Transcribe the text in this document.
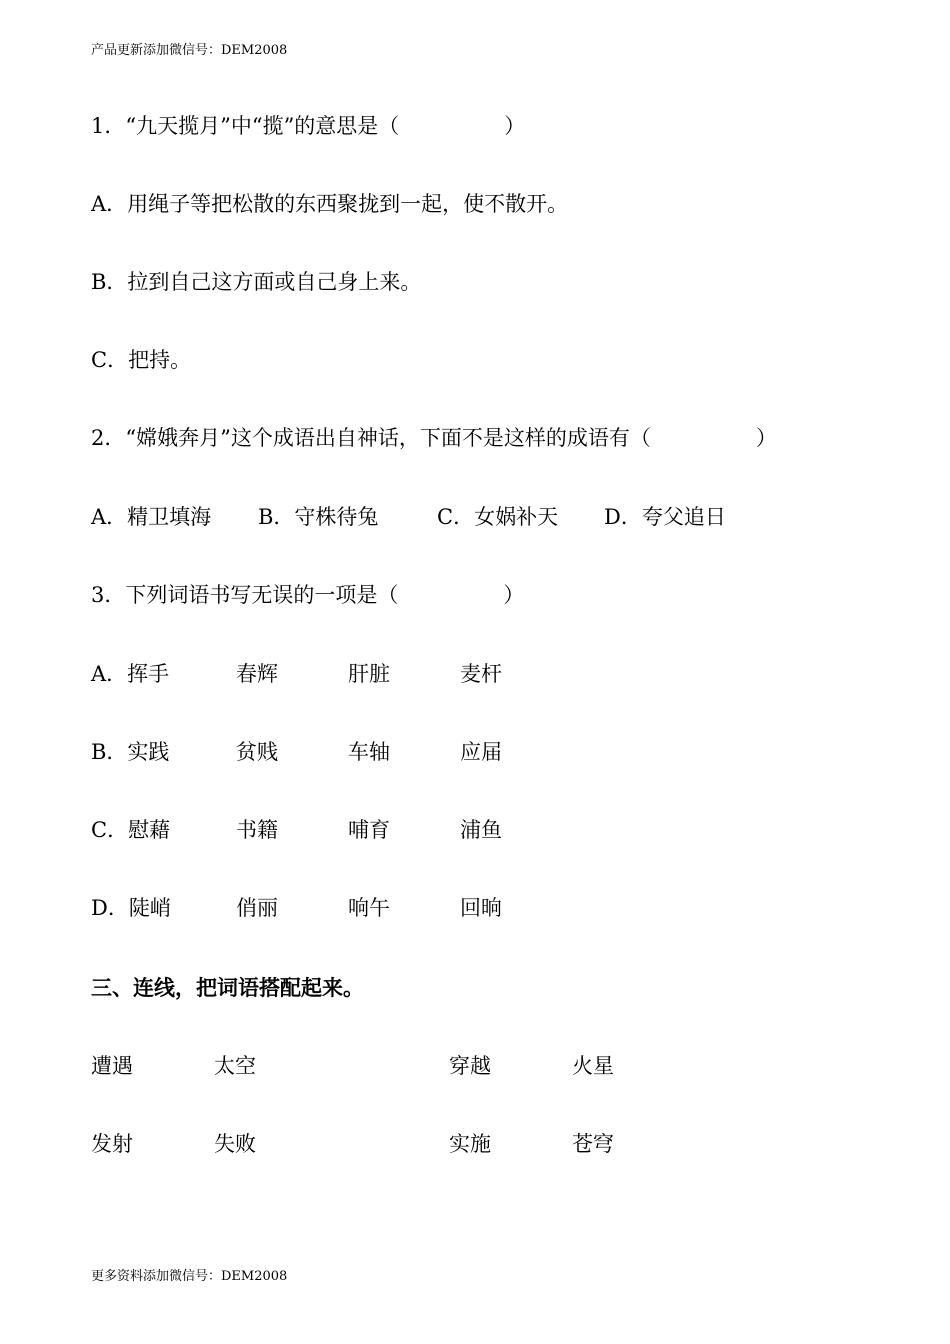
产品更新添加微信号：DEM2008
1．“九天揽月”中“揽”的意思是（　　　　　）
A．用绳子等把松散的东西聚拢到一起，使不散开。
B．拉到自己这方面或自己身上来。
C．把持。
2．“嫦娥奔月”这个成语出自神话，下面不是这样的成语有（　　　　　）
A．精卫填海 B．守株待兔	C．女娲补天 D．夸父追日
3．下列词语书写无误的一项是（　　　　　）
A．挥手	春辉	肝脏	麦杆
B．实践	贫贱	车轴	应届
C．慰藉	书籍	哺育	浦鱼
D．陡峭	俏丽	响午	回晌
三、连线，把词语搭配起来。
遭遇	太空	穿越	火星
发射	失败	实施	苍穹
更多资料添加微信号：DEM2008
